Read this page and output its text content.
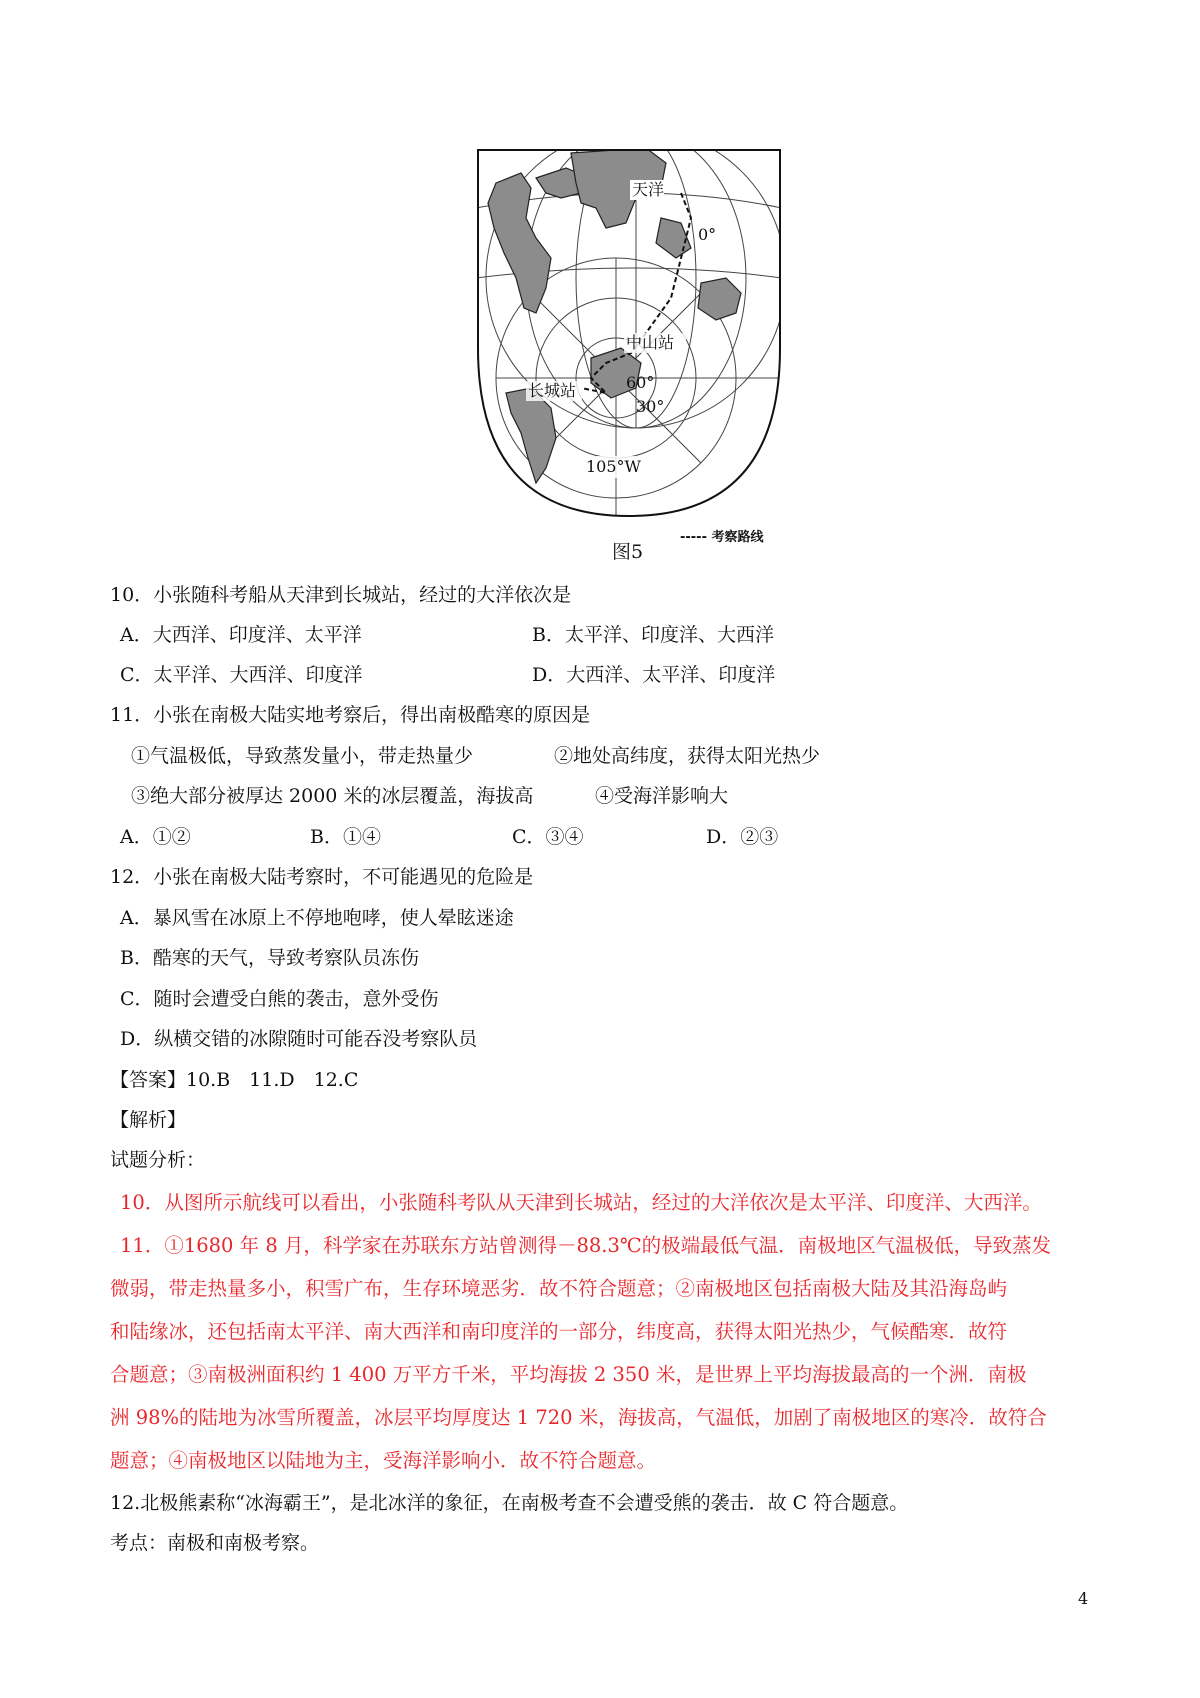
天洋
中山站
长城站
0°
60°
30°
105°W
----- 考察路线
图5
10．小张随科考船从天津到长城站，经过的大洋依次是
A．大西洋、印度洋、太平洋	B．太平洋、印度洋、大西洋
C．太平洋、大西洋、印度洋	D．大西洋、太平洋、印度洋
11．小张在南极大陆实地考察后，得出南极酷寒的原因是
①气温极低，导致蒸发量小，带走热量少	②地处高纬度，获得太阳光热少
③绝大部分被厚达 2000 米的冰层覆盖，海拔高	④受海洋影响大
A．①②	B．①④	C．③④	D．②③
12．小张在南极大陆考察时，不可能遇见的危险是
A．暴风雪在冰原上不停地咆哮，使人晕眩迷途
B．酷寒的天气，导致考察队员冻伤
C．随时会遭受白熊的袭击，意外受伤
D．纵横交错的冰隙随时可能吞没考察队员
【答案】10.B　11.D　12.C
【解析】
试题分析：
10．从图所示航线可以看出，小张随科考队从天津到长城站，经过的大洋依次是太平洋、印度洋、大西洋。
11．①1680 年 8 月，科学家在苏联东方站曾测得－88.3℃的极端最低气温．南极地区气温极低，导致蒸发
微弱，带走热量多小，积雪广布，生存环境恶劣．故不符合题意；②南极地区包括南极大陆及其沿海岛屿
和陆缘冰，还包括南太平洋、南大西洋和南印度洋的一部分，纬度高，获得太阳光热少，气候酷寒．故符
合题意；③南极洲面积约 1 400 万平方千米，平均海拔 2 350 米，是世界上平均海拔最高的一个洲．南极
洲 98%的陆地为冰雪所覆盖，冰层平均厚度达 1 720 米，海拔高，气温低，加剧了南极地区的寒冷．故符合
题意；④南极地区以陆地为主，受海洋影响小．故不符合题意。
12.北极熊素称“冰海霸王”，是北冰洋的象征，在南极考查不会遭受熊的袭击．故 C 符合题意。
考点：南极和南极考察。
4
